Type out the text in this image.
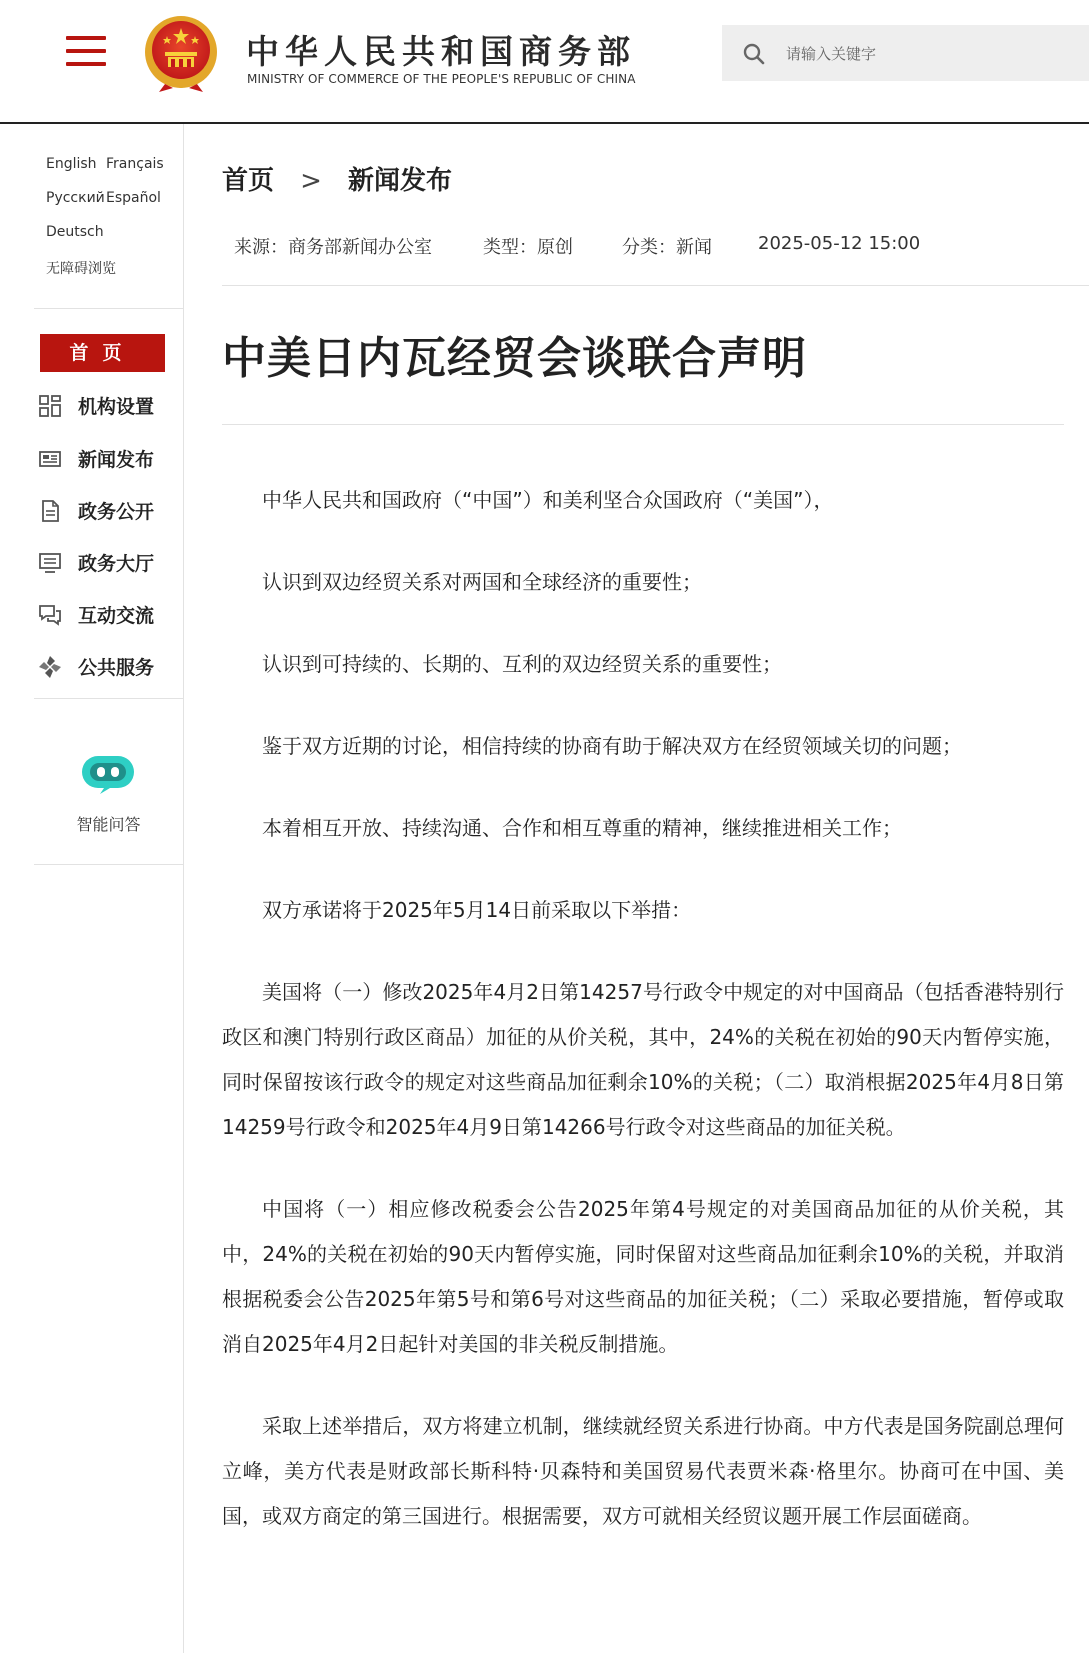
中华人民共和国商务部
MINISTRY OF COMMERCE OF THE PEOPLE'S REPUBLIC OF CHINA
请输入关键字
English Français
Русский Español
Deutsch
无障碍浏览
首页
机构设置
新闻发布
政务公开
政务大厅
互动交流
公共服务
智能问答
首页 > 新闻发布
来源：商务部新闻办公室	类型：原创	分类：新闻	2025-05-12 15:00
中美日内瓦经贸会谈联合声明

中华人民共和国政府（“中国”）和美利坚合众国政府（“美国”），

认识到双边经贸关系对两国和全球经济的重要性；

认识到可持续的、长期的、互利的双边经贸关系的重要性；

鉴于双方近期的讨论，相信持续的协商有助于解决双方在经贸领域关切的问题；

本着相互开放、持续沟通、合作和相互尊重的精神，继续推进相关工作；

双方承诺将于2025年5月14日前采取以下举措：

美国将（一）修改2025年4月2日第14257号行政令中规定的对中国商品（包括香港特别行政区和澳门特别行政区商品）加征的从价关税，其中，24%的关税在初始的90天内暂停实施，同时保留按该行政令的规定对这些商品加征剩余10%的关税；（二）取消根据2025年4月8日第14259号行政令和2025年4月9日第14266号行政令对这些商品的加征关税。

中国将（一）相应修改税委会公告2025年第4号规定的对美国商品加征的从价关税，其中，24%的关税在初始的90天内暂停实施，同时保留对这些商品加征剩余10%的关税，并取消根据税委会公告2025年第5号和第6号对这些商品的加征关税；（二）采取必要措施，暂停或取消自2025年4月2日起针对美国的非关税反制措施。

采取上述举措后，双方将建立机制，继续就经贸关系进行协商。中方代表是国务院副总理何立峰，美方代表是财政部长斯科特·贝森特和美国贸易代表贾米森·格里尔。协商可在中国、美国，或双方商定的第三国进行。根据需要，双方可就相关经贸议题开展工作层面磋商。
